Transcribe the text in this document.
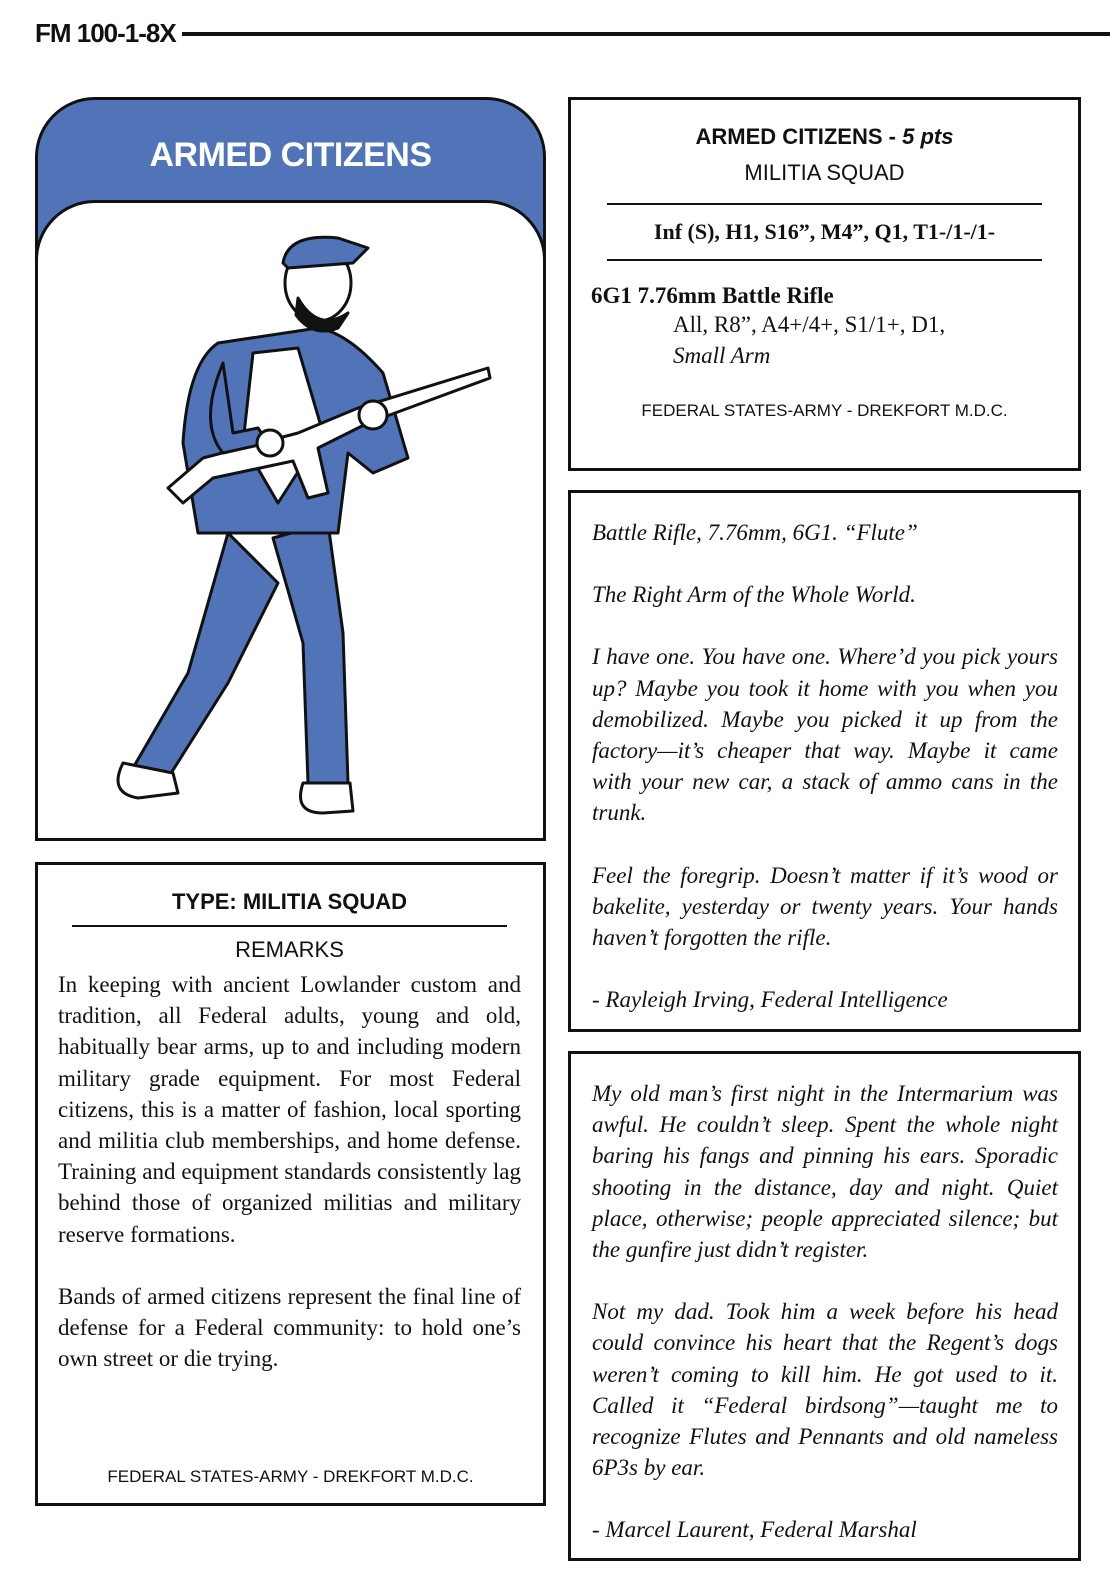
FM 100-1-8X
ARMED CITIZENS
TYPE: MILITIA SQUAD
REMARKS

In keeping with ancient Lowlander custom and tradition, all Federal adults, young and old, habitually bear arms, up to and including modern military grade equipment. For most Federal citizens, this is a matter of fashion, local sporting and militia club memberships, and home defense. Training and equipment standards consistently lag behind those of organized militias and military reserve formations.

Bands of armed citizens represent the final line of defense for a Federal community: to hold one’s own street or die trying.

FEDERAL STATES-ARMY - DREKFORT M.D.C.
ARMED CITIZENS - 5 pts
MILITIA SQUAD
Inf (S), H1, S16”, M4”, Q1, T1-/1-/1-
6G1 7.76mm Battle Rifle
All, R8”, A4+/4+, S1/1+, D1,
Small Arm
FEDERAL STATES-ARMY - DREKFORT M.D.C.

Battle Rifle, 7.76mm, 6G1. “Flute”

The Right Arm of the Whole World.

I have one. You have one. Where’d you pick yours up? Maybe you took it home with you when you demobilized. Maybe you picked it up from the factory—it’s cheaper that way. Maybe it came with your new car, a stack of ammo cans in the trunk.

Feel the foregrip. Doesn’t matter if it’s wood or bakelite, yesterday or twenty years. Your hands haven’t forgotten the rifle.

- Rayleigh Irving, Federal Intelligence

My old man’s first night in the Intermarium was awful. He couldn’t sleep. Spent the whole night baring his fangs and pinning his ears. Sporadic shooting in the distance, day and night. Quiet place, otherwise; people appreciated silence; but the gunfire just didn’t register.

Not my dad. Took him a week before his head could convince his heart that the Regent’s dogs weren’t coming to kill him. He got used to it. Called it “Federal birdsong”—taught me to recognize Flutes and Pennants and old nameless 6P3s by ear.

- Marcel Laurent, Federal Marshal
